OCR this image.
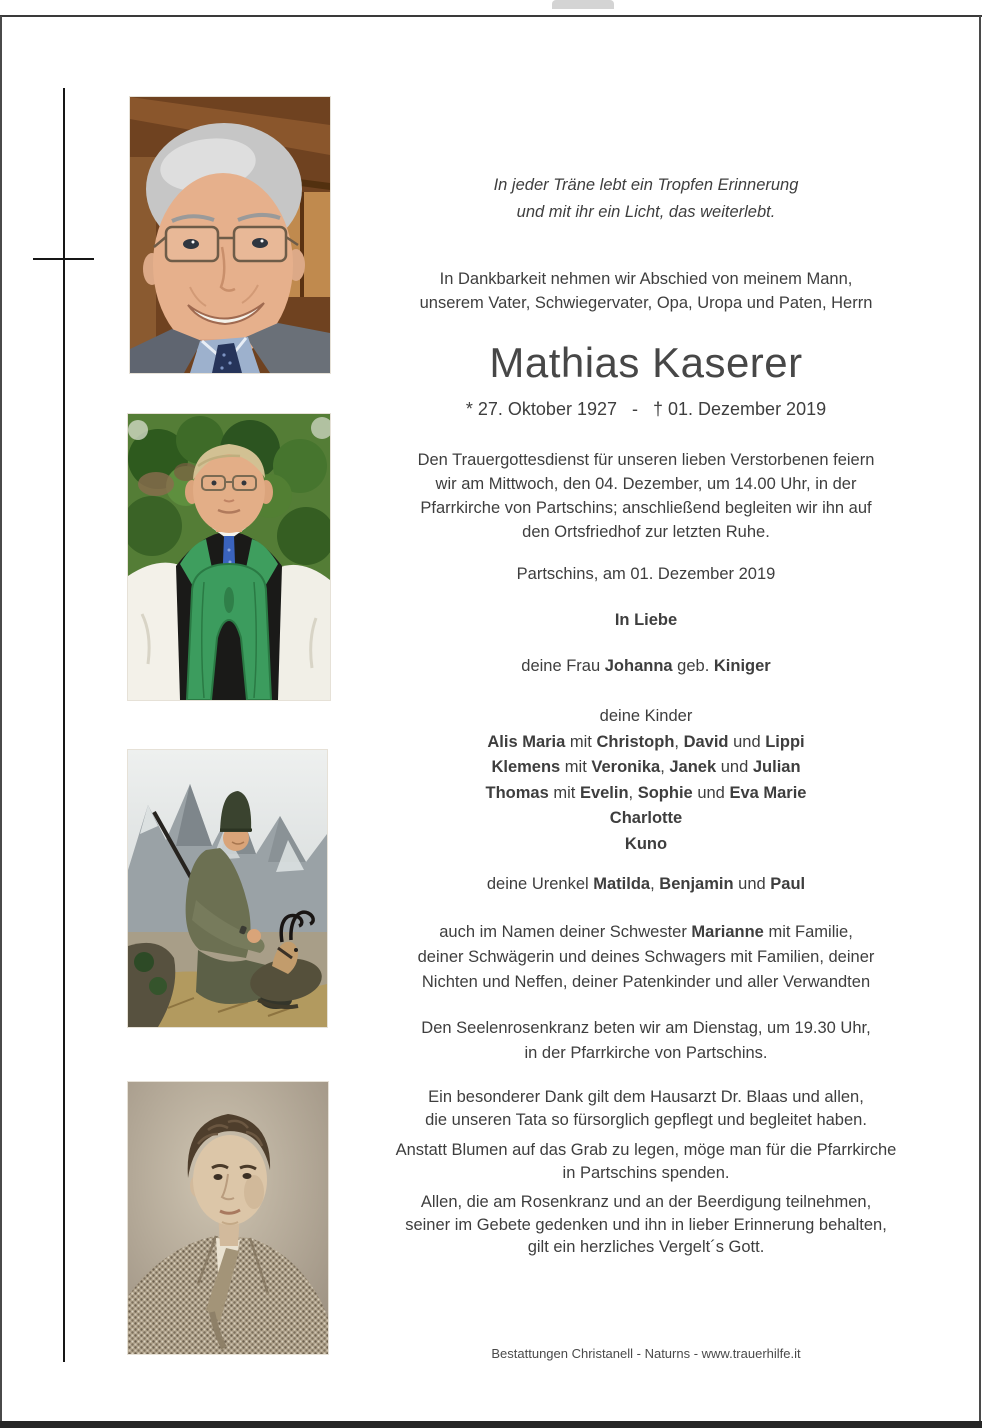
In jeder Träne lebt ein Tropfen Erinnerung
und mit ihr ein Licht, das weiterlebt.
In Dankbarkeit nehmen wir Abschied von meinem Mann,
unserem Vater, Schwiegervater, Opa, Uropa und Paten, Herrn
Mathias Kaserer
* 27. Oktober 1927   -   † 01. Dezember 2019
Den Trauergottesdienst für unseren lieben Verstorbenen feiern
wir am Mittwoch, den 04. Dezember, um 14.00 Uhr, in der
Pfarrkirche von Partschins; anschließend begleiten wir ihn auf
den Ortsfriedhof zur letzten Ruhe.
Partschins, am 01. Dezember 2019
In Liebe
deine Frau Johanna geb. Kiniger
deine Kinder
Alis Maria mit Christoph, David und Lippi
Klemens mit Veronika, Janek und Julian
Thomas mit Evelin, Sophie und Eva Marie
Charlotte
Kuno
deine Urenkel Matilda, Benjamin und Paul
auch im Namen deiner Schwester Marianne mit Familie,
deiner Schwägerin und deines Schwagers mit Familien, deiner
Nichten und Neffen, deiner Patenkinder und aller Verwandten
Den Seelenrosenkranz beten wir am Dienstag, um 19.30 Uhr,
in der Pfarrkirche von Partschins.
Ein besonderer Dank gilt dem Hausarzt Dr. Blaas und allen,
die unseren Tata so fürsorglich gepflegt und begleitet haben.
Anstatt Blumen auf das Grab zu legen, möge man für die Pfarrkirche
in Partschins spenden.
Allen, die am Rosenkranz und an der Beerdigung teilnehmen,
seiner im Gebete gedenken und ihn in lieber Erinnerung behalten,
gilt ein herzliches Vergelt´s Gott.
Bestattungen Christanell - Naturns - www.trauerhilfe.it
